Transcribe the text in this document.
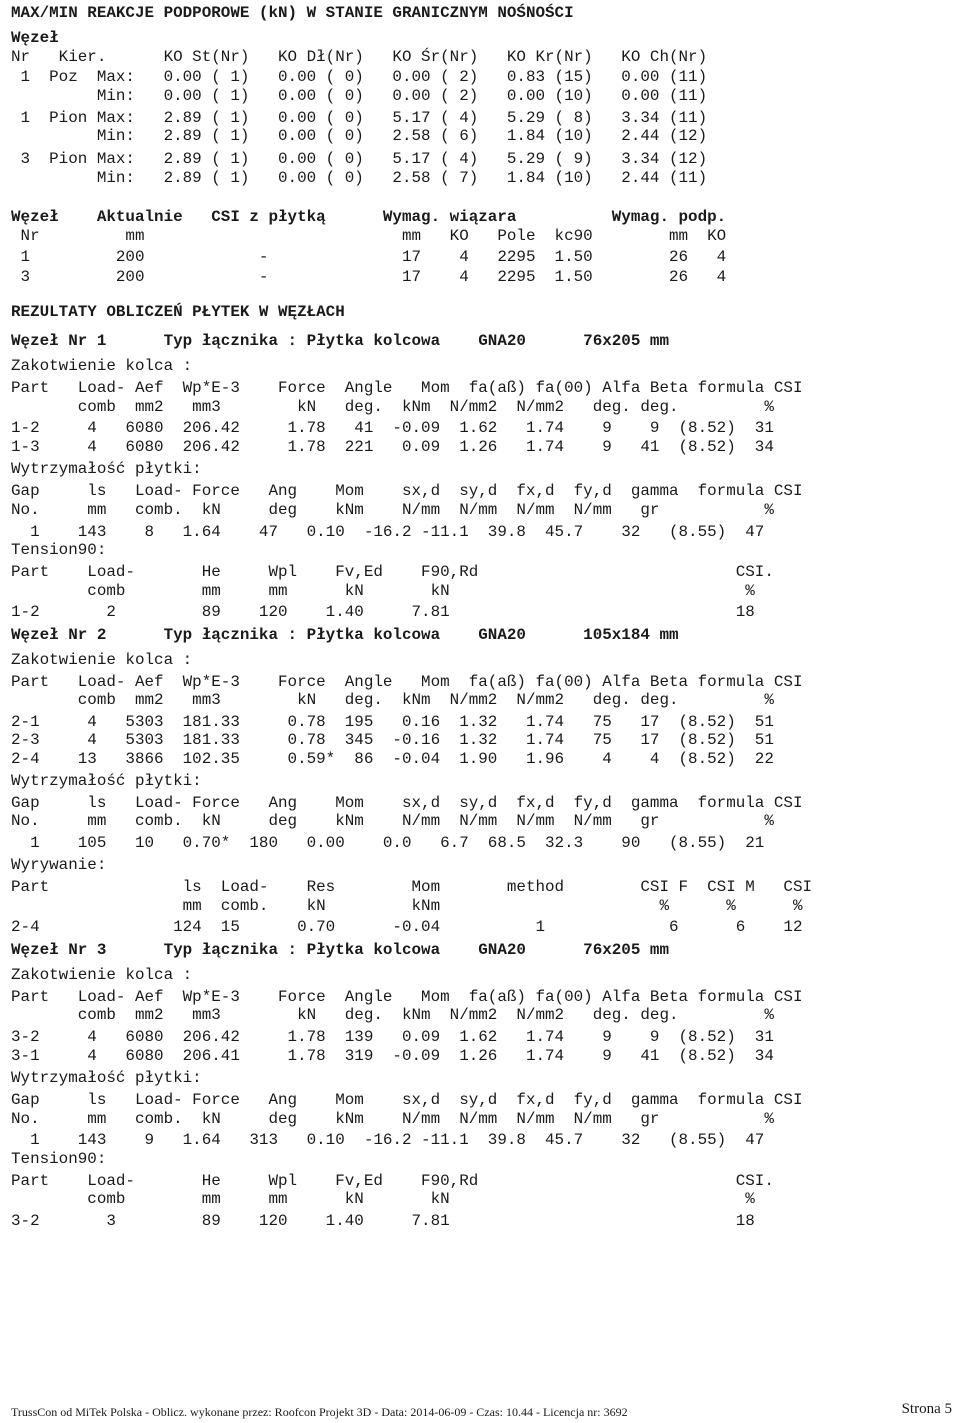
MAX/MIN REAKCJE PODPOROWE (kN) W STANIE GRANICZNYM NOŚNOŚCI
Węzeł
Nr   Kier.      KO St(Nr)   KO Dł(Nr)   KO Śr(Nr)   KO Kr(Nr)   KO Ch(Nr)
1  Poz  Max:   0.00 ( 1)   0.00 ( 0)   0.00 ( 2)   0.83 (15)   0.00 (11)
Min:   0.00 ( 1)   0.00 ( 0)   0.00 ( 2)   0.00 (10)   0.00 (11)
1  Pion Max:   2.89 ( 1)   0.00 ( 0)   5.17 ( 4)   5.29 ( 8)   3.34 (11)
Min:   2.89 ( 1)   0.00 ( 0)   2.58 ( 6)   1.84 (10)   2.44 (12)
3  Pion Max:   2.89 ( 1)   0.00 ( 0)   5.17 ( 4)   5.29 ( 9)   3.34 (12)
Min:   2.89 ( 1)   0.00 ( 0)   2.58 ( 7)   1.84 (10)   2.44 (11)
Węzeł    Aktualnie   CSI z płytką      Wymag. wiązara          Wymag. podp.
Nr         mm                           mm   KO   Pole  kc90        mm  KO
1         200            -              17    4   2295  1.50        26   4
3         200            -              17    4   2295  1.50        26   4
REZULTATY OBLICZEŃ PŁYTEK W WĘZŁACH
Węzeł Nr 1      Typ łącznika : Płytka kolcowa    GNA20      76x205 mm
Zakotwienie kolca :
Part   Load- Aef  Wp*E-3    Force  Angle   Mom  fa(aß) fa(00) Alfa Beta formula CSI
comb  mm2   mm3        kN   deg.  kNm  N/mm2  N/mm2   deg. deg.         %
1-2     4   6080  206.42     1.78   41  -0.09  1.62   1.74    9    9  (8.52)  31
1-3     4   6080  206.42     1.78  221   0.09  1.26   1.74    9   41  (8.52)  34
Wytrzymałość płytki:
Gap     ls   Load- Force   Ang    Mom    sx,d  sy,d  fx,d  fy,d  gamma  formula CSI
No.     mm   comb.  kN     deg    kNm    N/mm  N/mm  N/mm  N/mm   gr           %
1    143    8   1.64    47   0.10  -16.2 -11.1  39.8  45.7    32   (8.55)  47
Tension90:
Part    Load-       He     Wpl    Fv,Ed    F90,Rd                           CSI.
comb        mm     mm      kN       kN                               %
1-2       2         89    120    1.40     7.81                              18
Węzeł Nr 2      Typ łącznika : Płytka kolcowa    GNA20      105x184 mm
Zakotwienie kolca :
Part   Load- Aef  Wp*E-3    Force  Angle   Mom  fa(aß) fa(00) Alfa Beta formula CSI
comb  mm2   mm3        kN   deg.  kNm  N/mm2  N/mm2   deg. deg.         %
2-1     4   5303  181.33     0.78  195   0.16  1.32   1.74   75   17  (8.52)  51
2-3     4   5303  181.33     0.78  345  -0.16  1.32   1.74   75   17  (8.52)  51
2-4    13   3866  102.35     0.59*  86  -0.04  1.90   1.96    4    4  (8.52)  22
Wytrzymałość płytki:
Gap     ls   Load- Force   Ang    Mom    sx,d  sy,d  fx,d  fy,d  gamma  formula CSI
No.     mm   comb.  kN     deg    kNm    N/mm  N/mm  N/mm  N/mm   gr           %
1    105   10   0.70*  180   0.00    0.0   6.7  68.5  32.3    90   (8.55)  21
Wyrywanie:
Part              ls  Load-    Res        Mom       method        CSI F  CSI M   CSI
mm  comb.    kN         kNm                       %      %      %
2-4              124  15      0.70      -0.04          1             6      6    12
Węzeł Nr 3      Typ łącznika : Płytka kolcowa    GNA20      76x205 mm
Zakotwienie kolca :
Part   Load- Aef  Wp*E-3    Force  Angle   Mom  fa(aß) fa(00) Alfa Beta formula CSI
comb  mm2   mm3        kN   deg.  kNm  N/mm2  N/mm2   deg. deg.         %
3-2     4   6080  206.42     1.78  139   0.09  1.62   1.74    9    9  (8.52)  31
3-1     4   6080  206.41     1.78  319  -0.09  1.26   1.74    9   41  (8.52)  34
Wytrzymałość płytki:
Gap     ls   Load- Force   Ang    Mom    sx,d  sy,d  fx,d  fy,d  gamma  formula CSI
No.     mm   comb.  kN     deg    kNm    N/mm  N/mm  N/mm  N/mm   gr           %
1    143    9   1.64   313   0.10  -16.2 -11.1  39.8  45.7    32   (8.55)  47
Tension90:
Part    Load-       He     Wpl    Fv,Ed    F90,Rd                           CSI.
comb        mm     mm      kN       kN                               %
3-2       3         89    120    1.40     7.81                              18
TrussCon od MiTek Polska - Oblicz. wykonane przez: Roofcon Projekt 3D - Data: 2014-06-09 - Czas: 10.44 - Licencja nr: 3692	Strona 5
